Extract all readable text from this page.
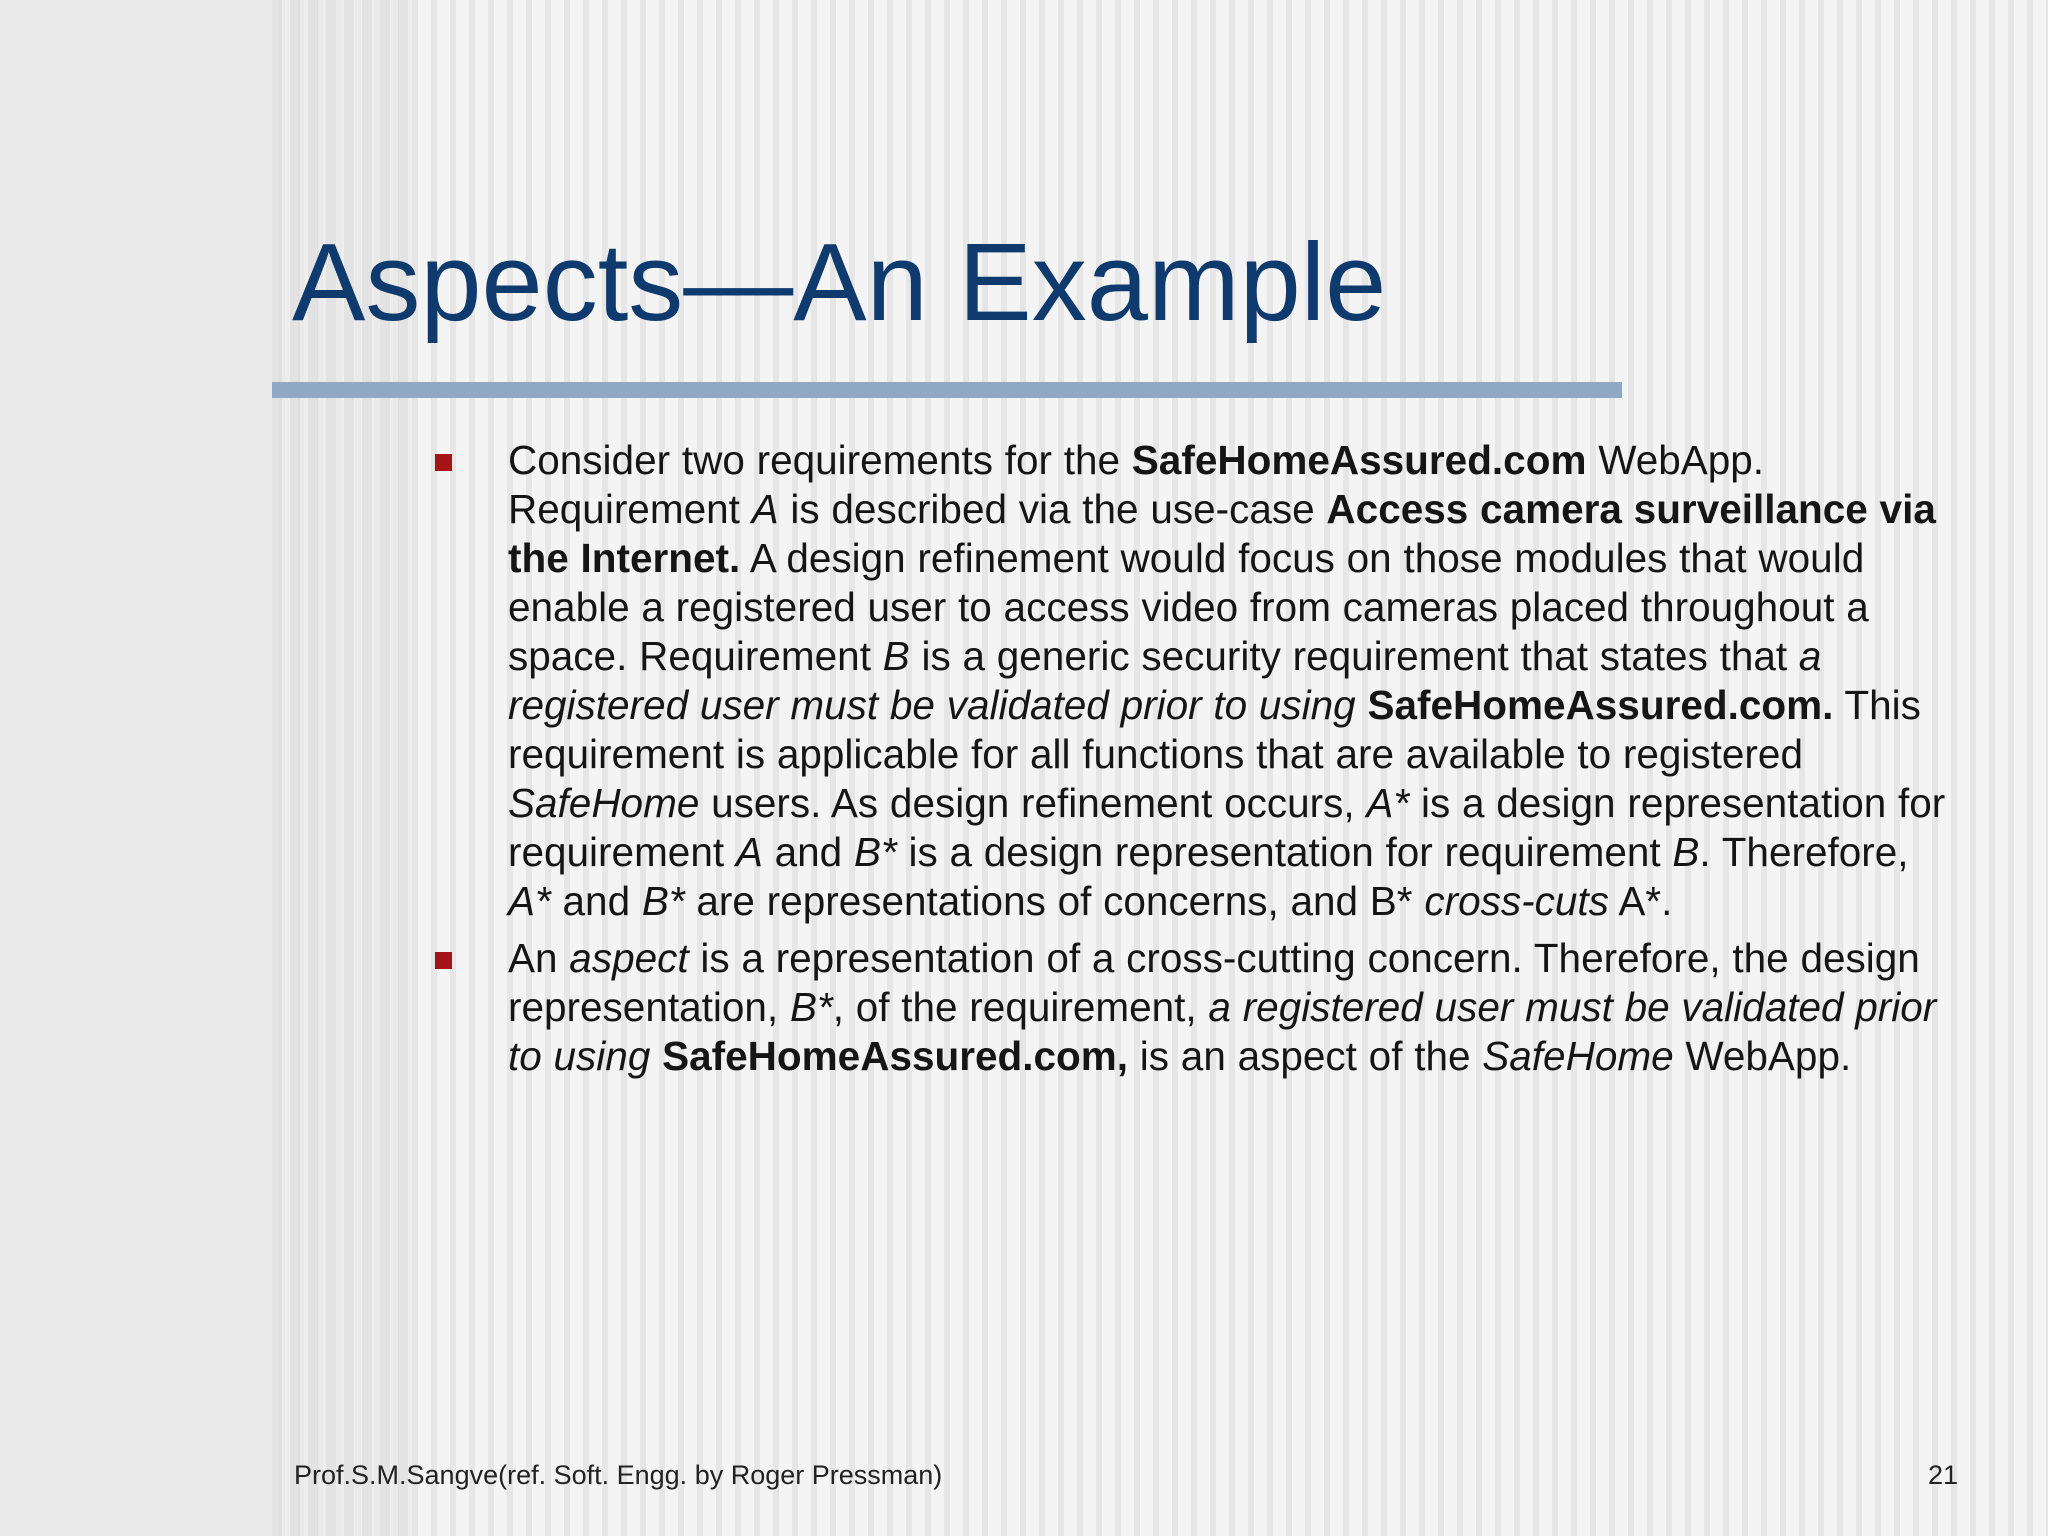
Aspects—An Example
Consider two requirements for the SafeHomeAssured.com WebApp. Requirement A is described via the use-case Access camera surveillance via the Internet. A design refinement would focus on those modules that would enable a registered user to access video from cameras placed throughout a space. Requirement B is a generic security requirement that states that a registered user must be validated prior to using SafeHomeAssured.com. This requirement is applicable for all functions that are available to registered SafeHome users. As design refinement occurs, A* is a design representation for requirement A and B* is a design representation for requirement B. Therefore, A* and B* are representations of concerns, and B* cross-cuts A*.
An aspect is a representation of a cross-cutting concern. Therefore, the design representation, B*, of the requirement, a registered user must be validated prior to using SafeHomeAssured.com, is an aspect of the SafeHome WebApp.
Prof.S.M.Sangve(ref. Soft. Engg. by Roger Pressman)	21
